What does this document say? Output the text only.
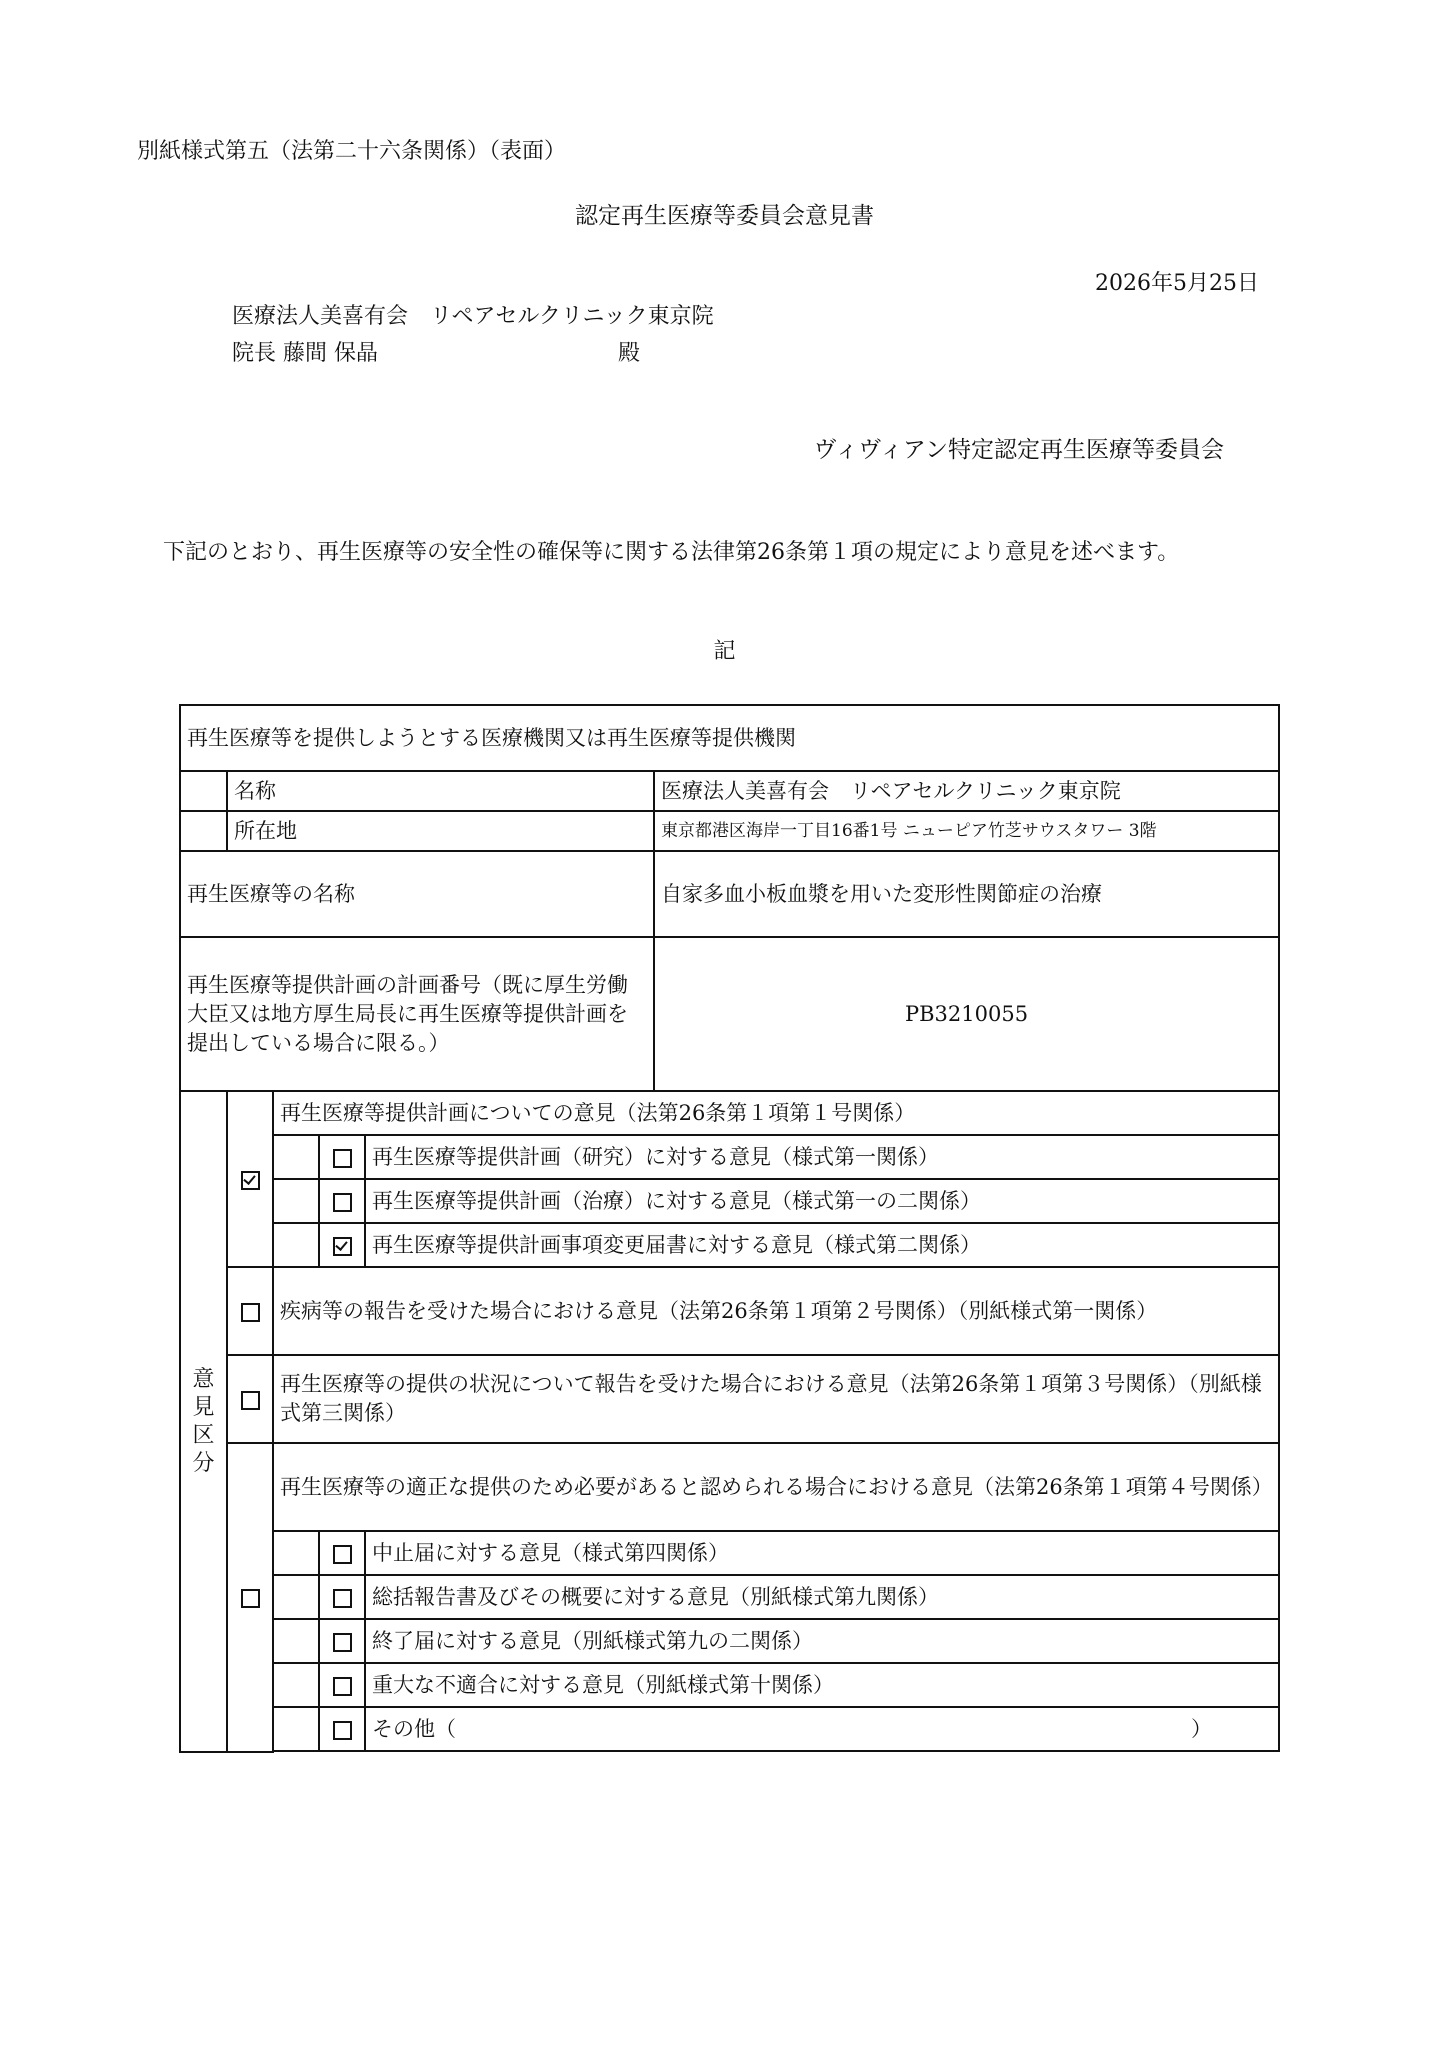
別紙様式第五（法第二十六条関係）（表面）
認定再生医療等委員会意見書
2026年5月25日
医療法人美喜有会　リペアセルクリニック東京院
院長 藤間 保晶	殿
ヴィヴィアン特定認定再生医療等委員会
下記のとおり、再生医療等の安全性の確保等に関する法律第26条第１項の規定により意見を述べます。
記
再生医療等を提供しようとする医療機関又は再生医療等提供機関					
	名称				医療法人美喜有会　リペアセルクリニック東京院
	所在地				東京都港区海岸一丁目16番1号 ニューピア竹芝サウスタワー 3階
再生医療等の名称					自家多血小板血漿を用いた変形性関節症の治療
再生医療等提供計画の計画番号（既に厚生労働大臣又は地方厚生局長に再生医療等提供計画を提出している場合に限る。）					PB3210055
意見区分		再生医療等提供計画についての意見（法第26条第１項第１号関係）			
				再生医療等提供計画（研究）に対する意見（様式第一関係）	
				再生医療等提供計画（治療）に対する意見（様式第一の二関係）	
				再生医療等提供計画事項変更届書に対する意見（様式第二関係）	
		疾病等の報告を受けた場合における意見（法第26条第１項第２号関係）（別紙様式第一関係）			
		再生医療等の提供の状況について報告を受けた場合における意見（法第26条第１項第３号関係）（別紙様式第三関係）			
		再生医療等の適正な提供のため必要があると認められる場合における意見（法第26条第１項第４号関係）			
				中止届に対する意見（様式第四関係）	
				総括報告書及びその概要に対する意見（別紙様式第九関係）	
				終了届に対する意見（別紙様式第九の二関係）	
				重大な不適合に対する意見（別紙様式第十関係）	
				その他（ ）	
